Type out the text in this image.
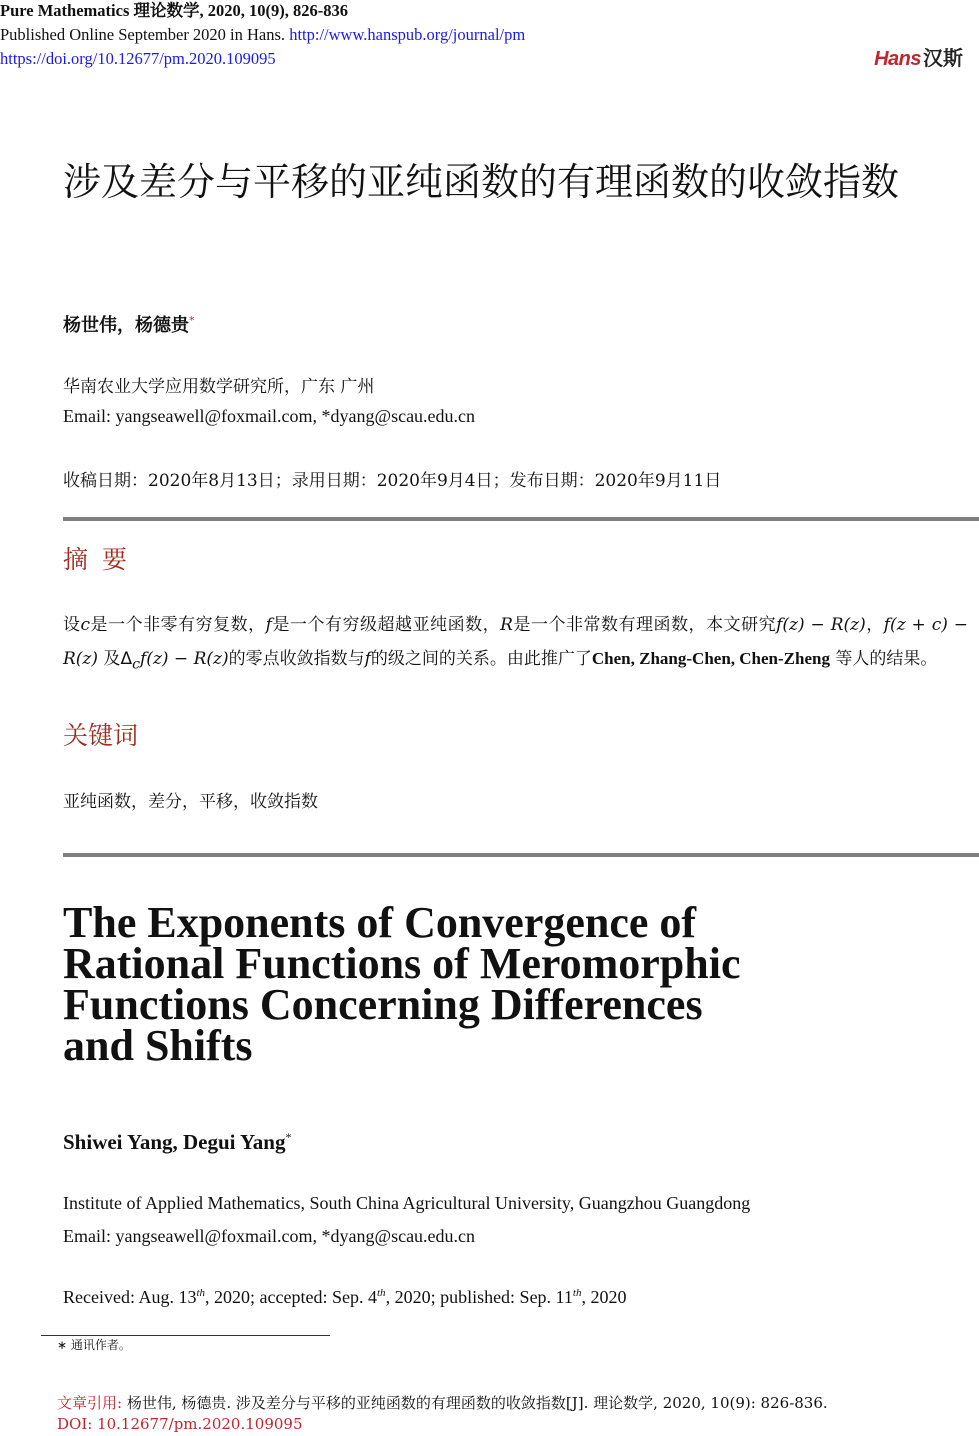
Pure Mathematics 理论数学, 2020, 10(9), 826-836
Published Online September 2020 in Hans. http://www.hanspub.org/journal/pm
https://doi.org/10.12677/pm.2020.109095	Hans 汉斯
涉及差分与平移的亚纯函数的有理函数的收敛指数
杨世伟，杨德贵*
华南农业大学应用数学研究所，广东 广州
Email: yangseawell@foxmail.com, *dyang@scau.edu.cn
收稿日期：2020年8月13日；录用日期：2020年9月4日；发布日期：2020年9月11日
摘要
设c是一个非零有穷复数，f是一个有穷级超越亚纯函数，R是一个非常数有理函数，本文研究f(z) − R(z)，f(z + c) − R(z) 及$\Delta_cf(z) - R(z)$的零点收敛指数与f的级之间的关系。由此推广了Chen, Zhang-Chen, Chen-Zheng 等人的结果。
关键词
亚纯函数，差分，平移，收敛指数
The Exponents of Convergence of
Rational Functions of Meromorphic
Functions Concerning Differences
and Shifts
Shiwei Yang, Degui Yang*
Institute of Applied Mathematics, South China Agricultural University, Guangzhou Guangdong
Email: yangseawell@foxmail.com, *dyang@scau.edu.cn
Received: Aug. 13th, 2020; accepted: Sep. 4th, 2020; published: Sep. 11th, 2020
∗ 通讯作者。
文章引用: 杨世伟, 杨德贵. 涉及差分与平移的亚纯函数的有理函数的收敛指数[J]. 理论数学, 2020, 10(9): 826-836.
DOI: 10.12677/pm.2020.109095
